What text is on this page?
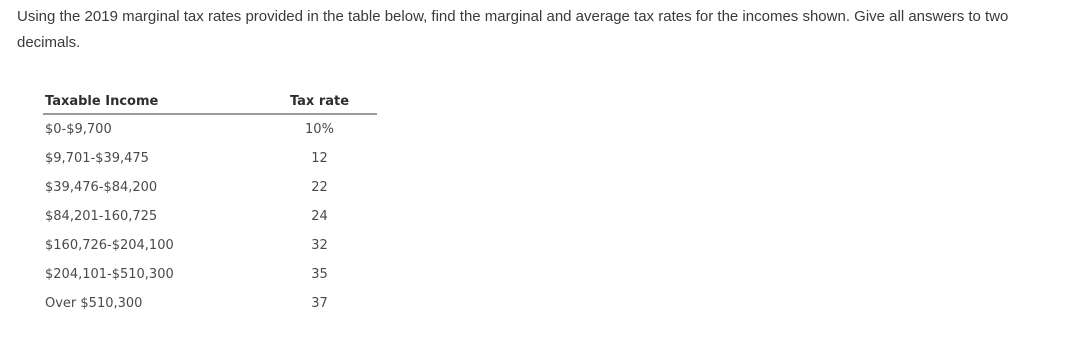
Using the 2019 marginal tax rates provided in the table below, find the marginal and average tax rates for the incomes shown. Give all answers to two decimals.
Taxable Income	Tax rate
$0-$9,700	10%
$9,701-$39,475	12
$39,476-$84,200	22
$84,201-160,725	24
$160,726-$204,100	32
$204,101-$510,300	35
Over $510,300	37
